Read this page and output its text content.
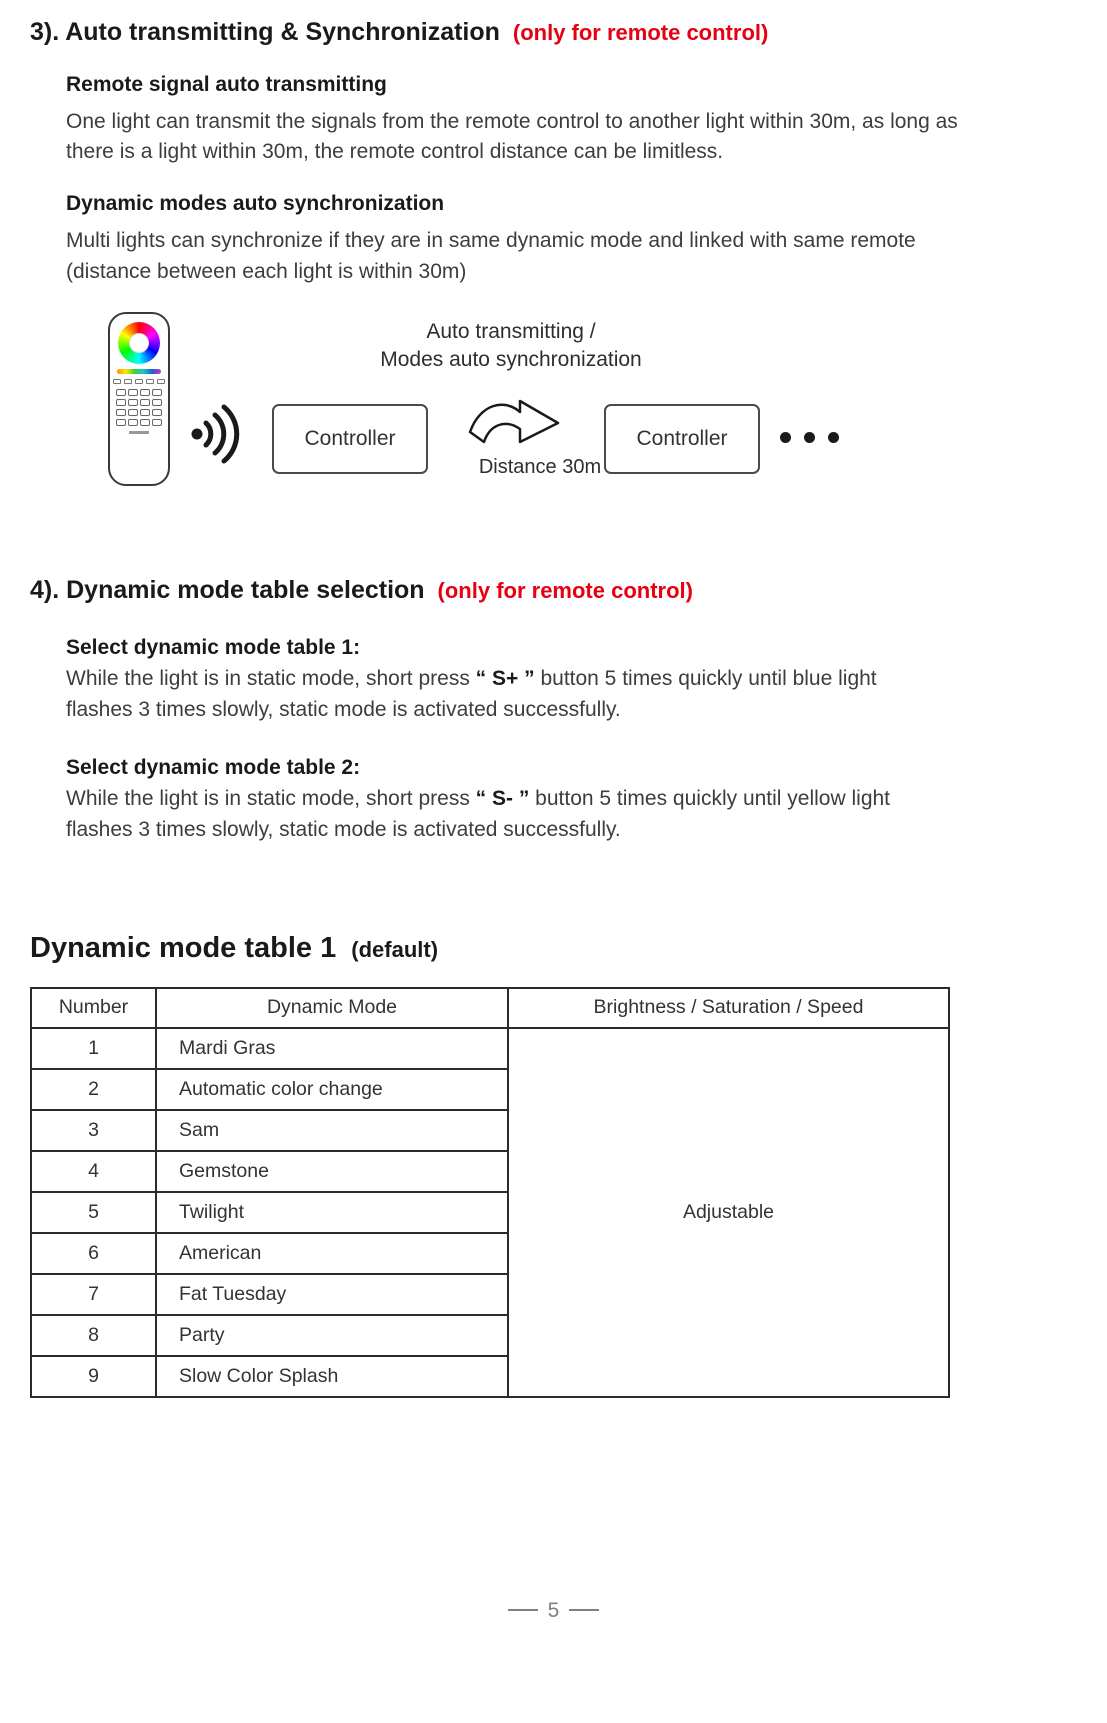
3). Auto transmitting & Synchronization (only for remote control)
Remote signal auto transmitting

One light can transmit the signals from the remote control to another light within 30m, as long as there is a light within 30m, the remote control distance can be limitless.

Dynamic modes auto synchronization

Multi lights can synchronize if they are in same dynamic mode and linked with same remote (distance between each light is within 30m)

Auto transmitting /
Modes auto synchronization
Controller
Distance 30m
Controller
4). Dynamic mode table selection (only for remote control)
Select dynamic mode table 1:

While the light is in static mode, short press “ S+ ” button 5 times quickly until blue light flashes 3 times slowly, static mode is activated successfully.

Select dynamic mode table 2:

While the light is in static mode, short press “ S- ” button 5 times quickly until yellow light flashes 3 times slowly, static mode is activated successfully.

Dynamic mode table 1 (default)
Number	Dynamic Mode	Brightness / Saturation / Speed
1	Mardi Gras	Adjustable
2	Automatic color change	
3	Sam	
4	Gemstone	
5	Twilight	
6	American	
7	Fat Tuesday	
8	Party	
9	Slow Color Splash	
5
